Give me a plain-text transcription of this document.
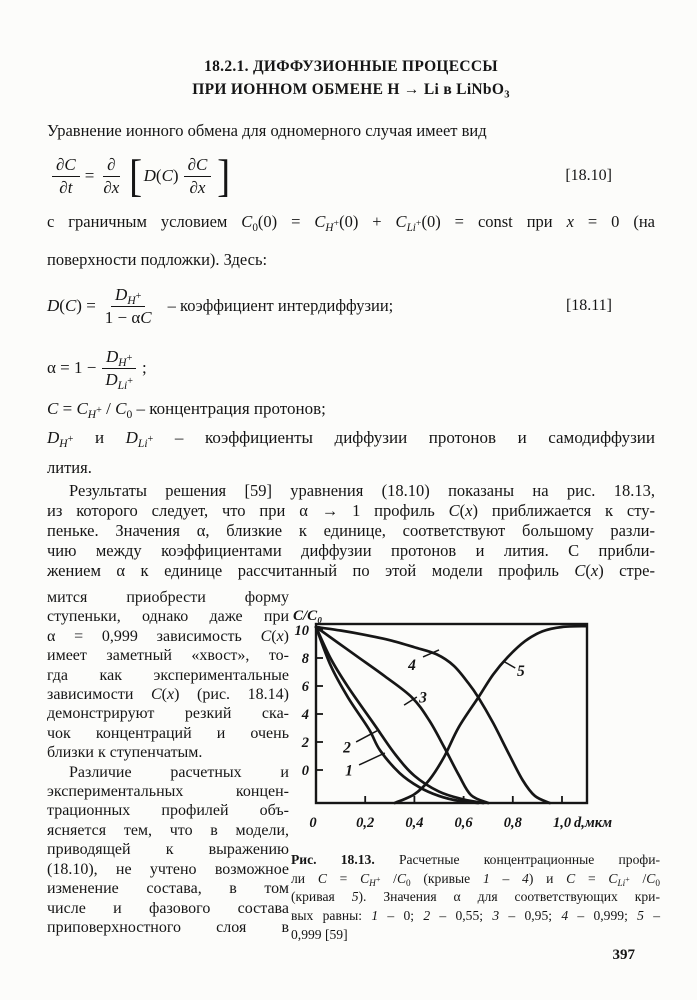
18.2.1. ДИФФУЗИОННЫЕ ПРОЦЕССЫ
ПРИ ИОННОМ ОБМЕНЕ Н → Li в LiNbO$_3$
Уравнение ионного обмена для одномерного случая имеет вид
$\frac{\partial C}{\partial t} = \frac{\partial}{\partial x}$ [ $D(C) \frac{\partial C}{\partial x}$ ]	[18.10]
с граничным условием $C_0(0) = C_{H^+}(0) + C_{Li^+}(0)$ = const при x = 0 (на
поверхности подложки). Здесь:
$D(C) = \frac{D_{H^+}}{1 - \alpha C}$ – коэффициент интердиффузии;	[18.11]
$\alpha = 1 - \frac{D_{H^+}}{D_{Li^+}}$ ;
$C = C_{H^+} / C_0$ – концентрация протонов;
$D_{H^+}$ и $D_{Li^+}$ – коэффициенты диффузии протонов и самодиффузии
лития.
Результаты решения [59] уравнения (18.10) показаны на рис. 18.13,
из которого следует, что при α → 1 профиль C(x) приближается к сту-
пеньке. Значения α, близкие к единице, соответствуют большому разли-
чию между коэффициентами диффузии протонов и лития. С прибли-
жением α к единице рассчитанный по этой модели профиль C(x) стре-
мится приобрести форму
ступеньки, однако даже при
α = 0,999 зависимость C(x)
имеет заметный «хвост», то-
гда как экспериментальные
зависимости C(x) (рис. 18.14)
демонстрируют резкий ска-
чок концентраций и очень
близки к ступенчатым.
Различие расчетных и
экспериментальных концен-
трационных профилей объ-
ясняется тем, что в модели,
приводящей к выражению
(18.10), не учтено возможное
изменение состава, в том
числе и фазового состава
приповерхностного слоя в
10
8
6
4
2
0
0	0,2 0,4 0,6 0,8 1,0 d,мкм
C/C₀
1
2
3
4	5
Рис. 18.13. Расчетные концентрационные профи-
ли $C = C_{H^+}$ $/C_0$ (кривые 1 – 4) и $C = C_{Li^+}$ $/C_0$
(кривая 5). Значения α для соответствующих кри-
вых равны: 1 – 0; 2 – 0,55; 3 – 0,95; 4 – 0,999; 5 –
0,999 [59]
397
